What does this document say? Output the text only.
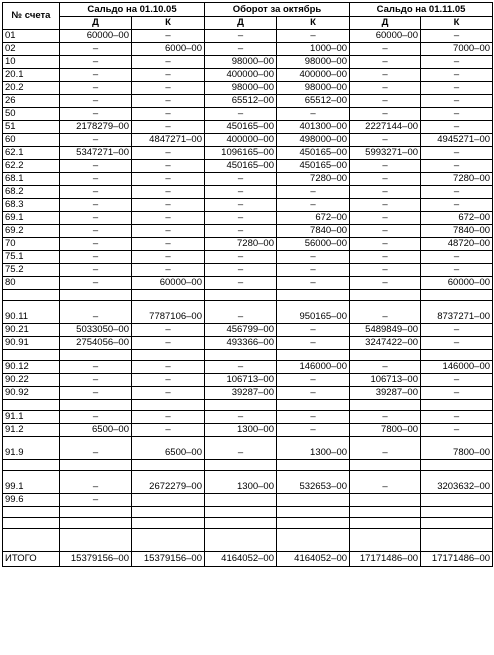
№ счета	Сальдо на 01.10.05		Оборот за октябрь		Сальдо на 01.11.05	
	Д	К	Д	К	Д	К
01	60000–00	–	–	–	60000–00	–
02	–	6000–00	–	1000–00	–	7000–00
10	–	–	98000–00	98000–00	–	–
20.1	–	–	400000–00	400000–00	–	–
20.2	–	–	98000–00	98000–00	–	–
26	–	–	65512–00	65512–00	–	–
50	–	–	–	–	–	–
51	2178279–00	–	450165–00	401300–00	2227144–00	–
60	–	4847271–00	400000–00	498000–00	–	4945271–00
62.1	5347271–00	–	1096165–00	450165–00	5993271–00	–
62.2	–	–	450165–00	450165–00	–	–
68.1	–	–	–	7280–00	–	7280–00
68.2	–	–	–	–	–	–
68.3	–	–	–	–	–	–
69.1	–	–	–	672–00	–	672–00
69.2	–	–	–	7840–00	–	7840–00
70	–	–	7280–00	56000–00	–	48720–00
75.1	–	–	–	–	–	–
75.2	–	–	–	–	–	–
80	–	60000–00	–	–	–	60000–00

90.11	–	7787106–00	–	950165–00	–	8737271–00
90.21	5033050–00	–	456799–00	–	5489849–00	–
90.91	2754056–00	–	493366–00	–	3247422–00	–

90.12	–	–	–	146000–00	–	146000–00
90.22	–	–	106713–00	–	106713–00	–
90.92	–	–	39287–00	–	39287–00	–

91.1	–	–	–	–	–	–
91.2	6500–00	–	1300–00	–	7800–00	–
91.9	–	6500–00	–	1300–00	–	7800–00

99.1	–	2672279–00	1300–00	532653–00	–	3203632–00
99.6	–					

ИТОГО	15379156–00	15379156–00	4164052–00	4164052–00	17171486–00	17171486–00
